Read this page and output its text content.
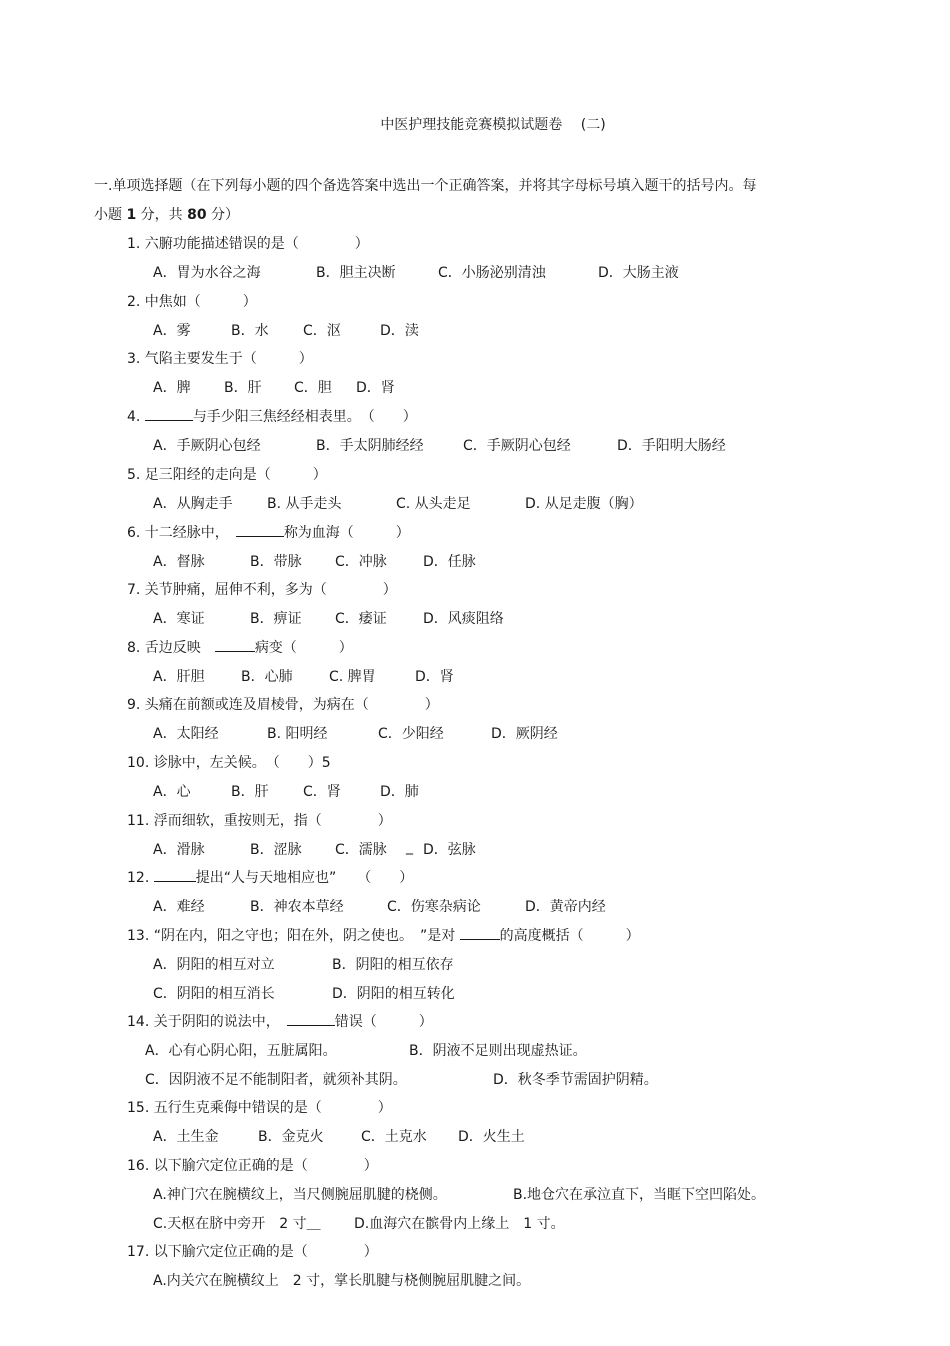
中医护理技能竞赛模拟试题卷　 (二)
一.单项选择题（在下列每小题的四个备选答案中选出一个正确答案，并将其字母标号填入题干的括号内。每
小题 1 分，共 80 分）
1. 六腑功能描述错误的是（　　　　）
A．胃为水谷之海	B．胆主决断	C．小肠泌别清浊	D．大肠主液
2. 中焦如（　　　）
A．雾	B．水 C．沤	D．渎
3. 气陷主要发生于（　　　）
A．脾 B．肝 C．胆 D．肾
4.	与手少阳三焦经经相表里。　（　　）
A．手厥阴心包经	B．手太阴肺经经	C．手厥阴心包经	D．手阳明大肠经
5. 足三阳经的走向是（　　　）
A．从胸走手 B. 从手走头	C. 从头走足	D. 从足走腹（胸）
6. 十二经脉中，　	称为血海（　　　）
A．督脉	B．带脉 C．冲脉	D．任脉
7. 关节肿痛，屈伸不利，多为（　　　　）
A．寒证	B．痹证 C．痿证	D．风痰阻络
8. 舌边反映　	病变（　　　）
A．肝胆	B．心肺	C. 脾胃	D．肾
9. 头痛在前额或连及眉棱骨，为病在（　　　　）
A．太阳经	B. 阳明经	C．少阳经	D．厥阴经
10. 诊脉中，左关候。　（　　）5
A．心	B．肝 C．肾	D．肺
11. 浮而细软，重按则无，指（　　　　）
A．滑脉	B．涩脉 C．濡脉 _ D．弦脉
12.	提出“人与天地相应也”　　（　　）
A．难经	B．神农本草经	C．伤寒杂病论	D．黄帝内经
13. “阴在内，阳之守也；阳在外，阴之使也。　”是对	的高度概括（　　　）
A．阴阳的相互对立	B．阴阳的相互依存
C．阴阳的相互消长	D．阴阳的相互转化
14. 关于阴阳的说法中，　	错误（　　　）
A．心有心阴心阳，五脏属阳。	B．阴液不足则出现虚热证。
C．因阴液不足不能制阳者，就须补其阴。	D．秋冬季节需固护阴精。
15. 五行生克乘侮中错误的是（　　　　）
A．土生金	B．金克火	C．土克水 D．火生土
16. 以下腧穴定位正确的是（　　　　）
A.神门穴在腕横纹上，当尺侧腕屈肌腱的桡侧。	B.地仓穴在承泣直下，当眶下空凹陷处。
C.天枢在脐中旁开　2 寸＿ D.血海穴在髌骨内上缘上　1 寸。
17. 以下腧穴定位正确的是（　　　　）
A.内关穴在腕横纹上　2 寸，掌长肌腱与桡侧腕屈肌腱之间。
